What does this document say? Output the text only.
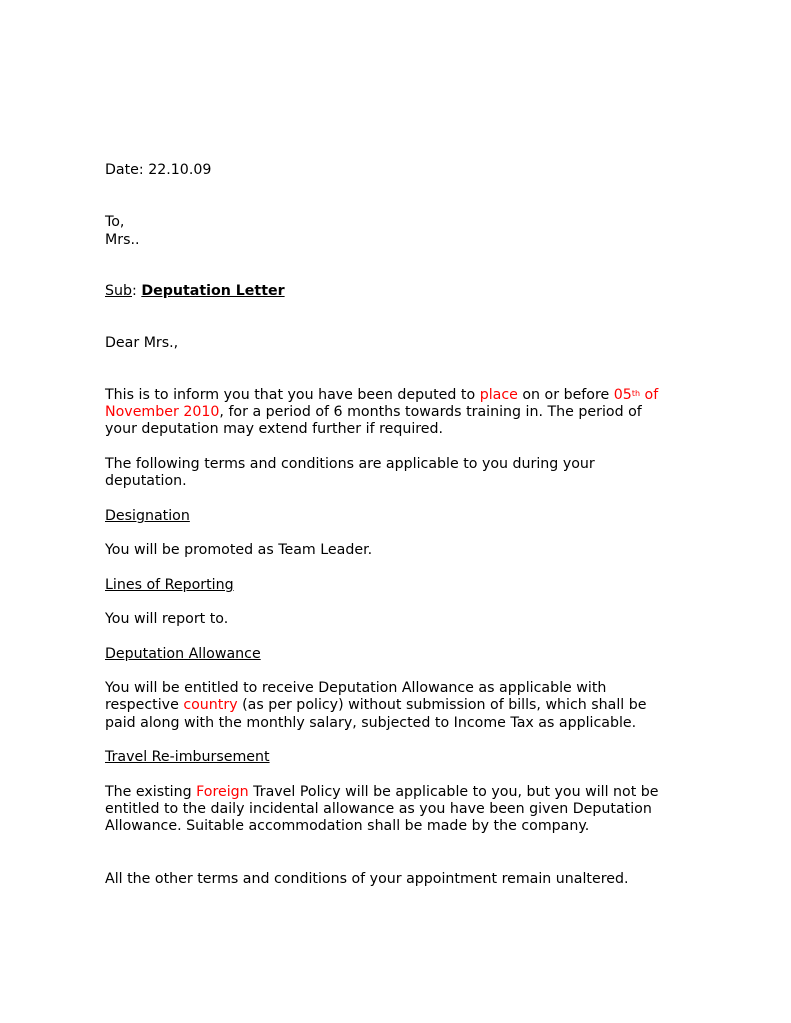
Date: 22.10.09
To,
Mrs..
Sub: Deputation Letter
Dear Mrs.,
This is to inform you that you have been deputed to place on or before 05th of
November 2010, for a period of 6 months towards training in. The period of
your deputation may extend further if required.
The following terms and conditions are applicable to you during your
deputation.
Designation
You will be promoted as Team Leader.
Lines of Reporting
You will report to.
Deputation Allowance
You will be entitled to receive Deputation Allowance as applicable with
respective country (as per policy) without submission of bills, which shall be
paid along with the monthly salary, subjected to Income Tax as applicable.
Travel Re-imbursement
The existing Foreign Travel Policy will be applicable to you, but you will not be
entitled to the daily incidental allowance as you have been given Deputation
Allowance. Suitable accommodation shall be made by the company.
All the other terms and conditions of your appointment remain unaltered.
